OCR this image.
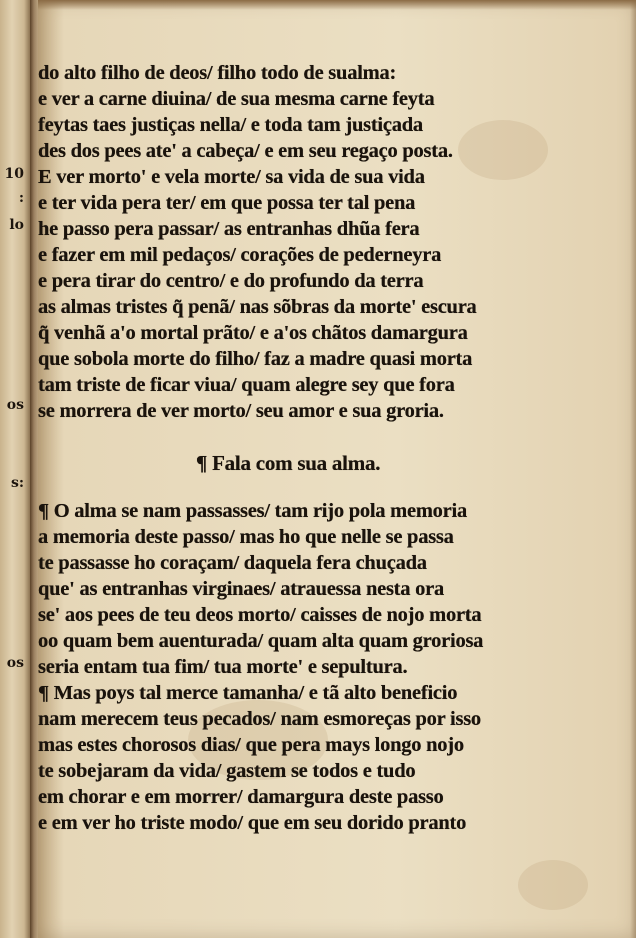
10
:
lo
os
s:
os
do alto filho de deos/ filho todo de sualma:
e ver a carne diuina/ de sua mesma carne feyta
feytas taes justiças nella/ e toda tam justiçada
des dos pees ate' a cabeça/ e em seu regaço posta.
E ver morto' e vela morte/ sa vida de sua vida
e ter vida pera ter/ em que possa ter tal pena
he passo pera passar/ as entranhas dhũa fera
e fazer em mil pedaços/ corações de pederneyra
e pera tirar do centro/ e do profundo da terra
as almas tristes q̃ penã/ nas sõbras da morte' escura
q̃ venhã a'o mortal prãto/ e a'os chãtos damargura
que sobola morte do filho/ faz a madre quasi morta
tam triste de ficar viua/ quam alegre sey que fora
se morrera de ver morto/ seu amor e sua groria.
¶ Fala com sua alma.
¶ O alma se nam passasses/ tam rijo pola memoria
a memoria deste passo/ mas ho que nelle se passa
te passasse ho coraçam/ daquela fera chuçada
que' as entranhas virginaes/ atrauessa nesta ora
se' aos pees de teu deos morto/ caisses de nojo morta
oo quam bem auenturada/ quam alta quam groriosa
seria entam tua fim/ tua morte' e sepultura.
¶ Mas poys tal merce tamanha/ e tã alto beneficio
nam merecem teus pecados/ nam esmoreças por isso
mas estes chorosos dias/ que pera mays longo nojo
te sobejaram da vida/ gastem se todos e tudo
em chorar e em morrer/ damargura deste passo
e em ver ho triste modo/ que em seu dorido pranto
